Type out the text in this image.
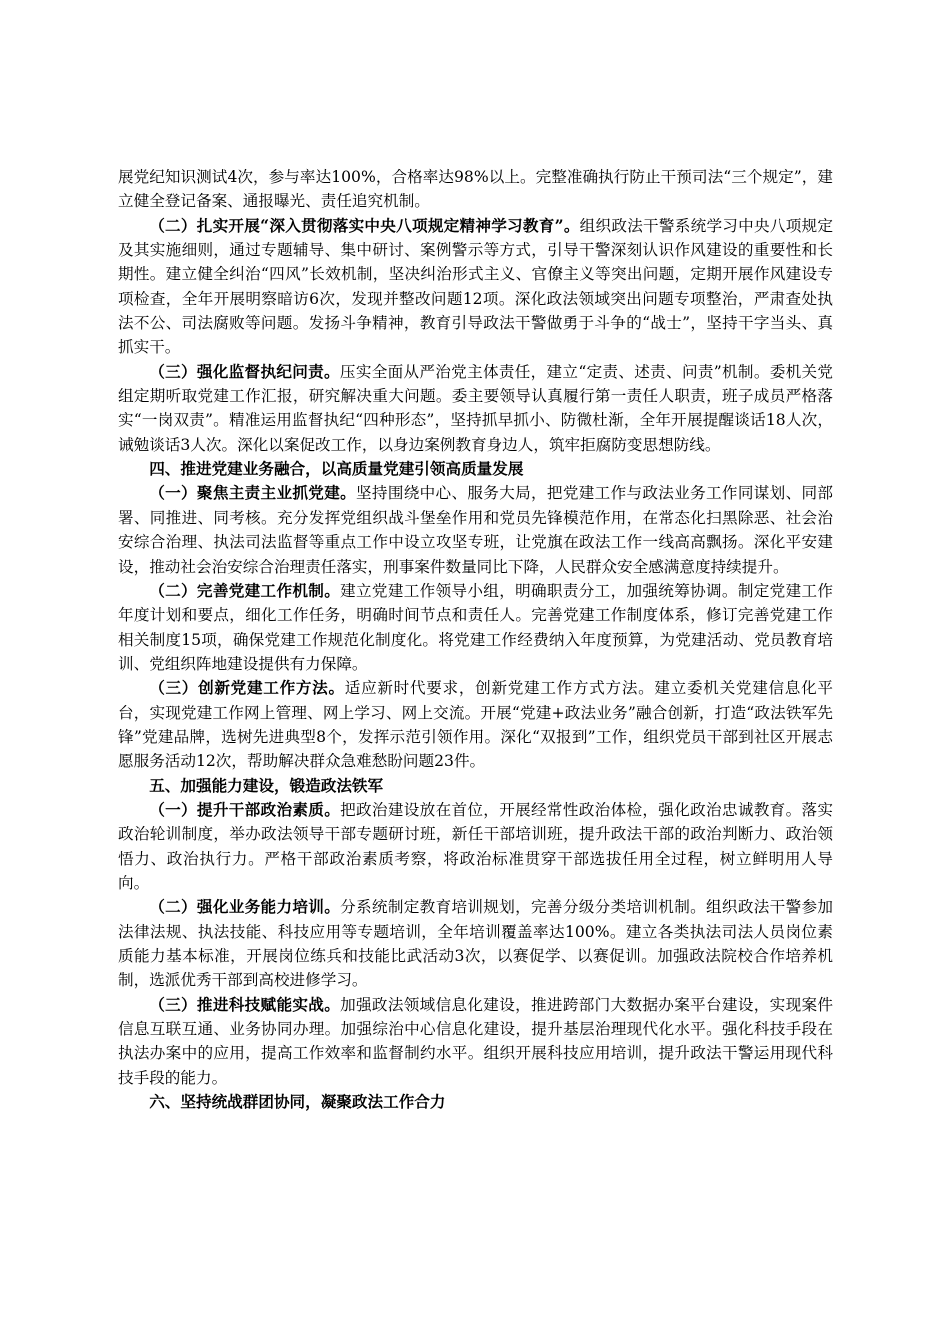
展党纪知识测试4次，参与率达100%，合格率达98%以上。完整准确执行防止干预司法“三个规定”，建立健全登记备案、通报曝光、责任追究机制。

（二）扎实开展“深入贯彻落实中央八项规定精神学习教育”。组织政法干警系统学习中央八项规定及其实施细则，通过专题辅导、集中研讨、案例警示等方式，引导干警深刻认识作风建设的重要性和长期性。建立健全纠治“四风”长效机制，坚决纠治形式主义、官僚主义等突出问题，定期开展作风建设专项检查，全年开展明察暗访6次，发现并整改问题12项。深化政法领域突出问题专项整治，严肃查处执法不公、司法腐败等问题。发扬斗争精神，教育引导政法干警做勇于斗争的“战士”，坚持干字当头、真抓实干。

（三）强化监督执纪问责。压实全面从严治党主体责任，建立“定责、述责、问责”机制。委机关党组定期听取党建工作汇报，研究解决重大问题。委主要领导认真履行第一责任人职责，班子成员严格落实“一岗双责”。精准运用监督执纪“四种形态”，坚持抓早抓小、防微杜渐，全年开展提醒谈话18人次，诫勉谈话3人次。深化以案促改工作，以身边案例教育身边人，筑牢拒腐防变思想防线。

四、推进党建业务融合，以高质量党建引领高质量发展

（一）聚焦主责主业抓党建。坚持围绕中心、服务大局，把党建工作与政法业务工作同谋划、同部署、同推进、同考核。充分发挥党组织战斗堡垒作用和党员先锋模范作用，在常态化扫黑除恶、社会治安综合治理、执法司法监督等重点工作中设立攻坚专班，让党旗在政法工作一线高高飘扬。深化平安建设，推动社会治安综合治理责任落实，刑事案件数量同比下降，人民群众安全感满意度持续提升。

（二）完善党建工作机制。建立党建工作领导小组，明确职责分工，加强统筹协调。制定党建工作年度计划和要点，细化工作任务，明确时间节点和责任人。完善党建工作制度体系，修订完善党建工作相关制度15项，确保党建工作规范化制度化。将党建工作经费纳入年度预算，为党建活动、党员教育培训、党组织阵地建设提供有力保障。

（三）创新党建工作方法。适应新时代要求，创新党建工作方式方法。建立委机关党建信息化平台，实现党建工作网上管理、网上学习、网上交流。开展“党建+政法业务”融合创新，打造“政法铁军先锋”党建品牌，选树先进典型8个，发挥示范引领作用。深化“双报到”工作，组织党员干部到社区开展志愿服务活动12次，帮助解决群众急难愁盼问题23件。

五、加强能力建设，锻造政法铁军

（一）提升干部政治素质。把政治建设放在首位，开展经常性政治体检，强化政治忠诚教育。落实政治轮训制度，举办政法领导干部专题研讨班，新任干部培训班，提升政法干部的政治判断力、政治领悟力、政治执行力。严格干部政治素质考察，将政治标准贯穿干部选拔任用全过程，树立鲜明用人导向。

（二）强化业务能力培训。分系统制定教育培训规划，完善分级分类培训机制。组织政法干警参加法律法规、执法技能、科技应用等专题培训，全年培训覆盖率达100%。建立各类执法司法人员岗位素质能力基本标准，开展岗位练兵和技能比武活动3次，以赛促学、以赛促训。加强政法院校合作培养机制，选派优秀干部到高校进修学习。

（三）推进科技赋能实战。加强政法领域信息化建设，推进跨部门大数据办案平台建设，实现案件信息互联互通、业务协同办理。加强综治中心信息化建设，提升基层治理现代化水平。强化科技手段在执法办案中的应用，提高工作效率和监督制约水平。组织开展科技应用培训，提升政法干警运用现代科技手段的能力。

六、坚持统战群团协同，凝聚政法工作合力
